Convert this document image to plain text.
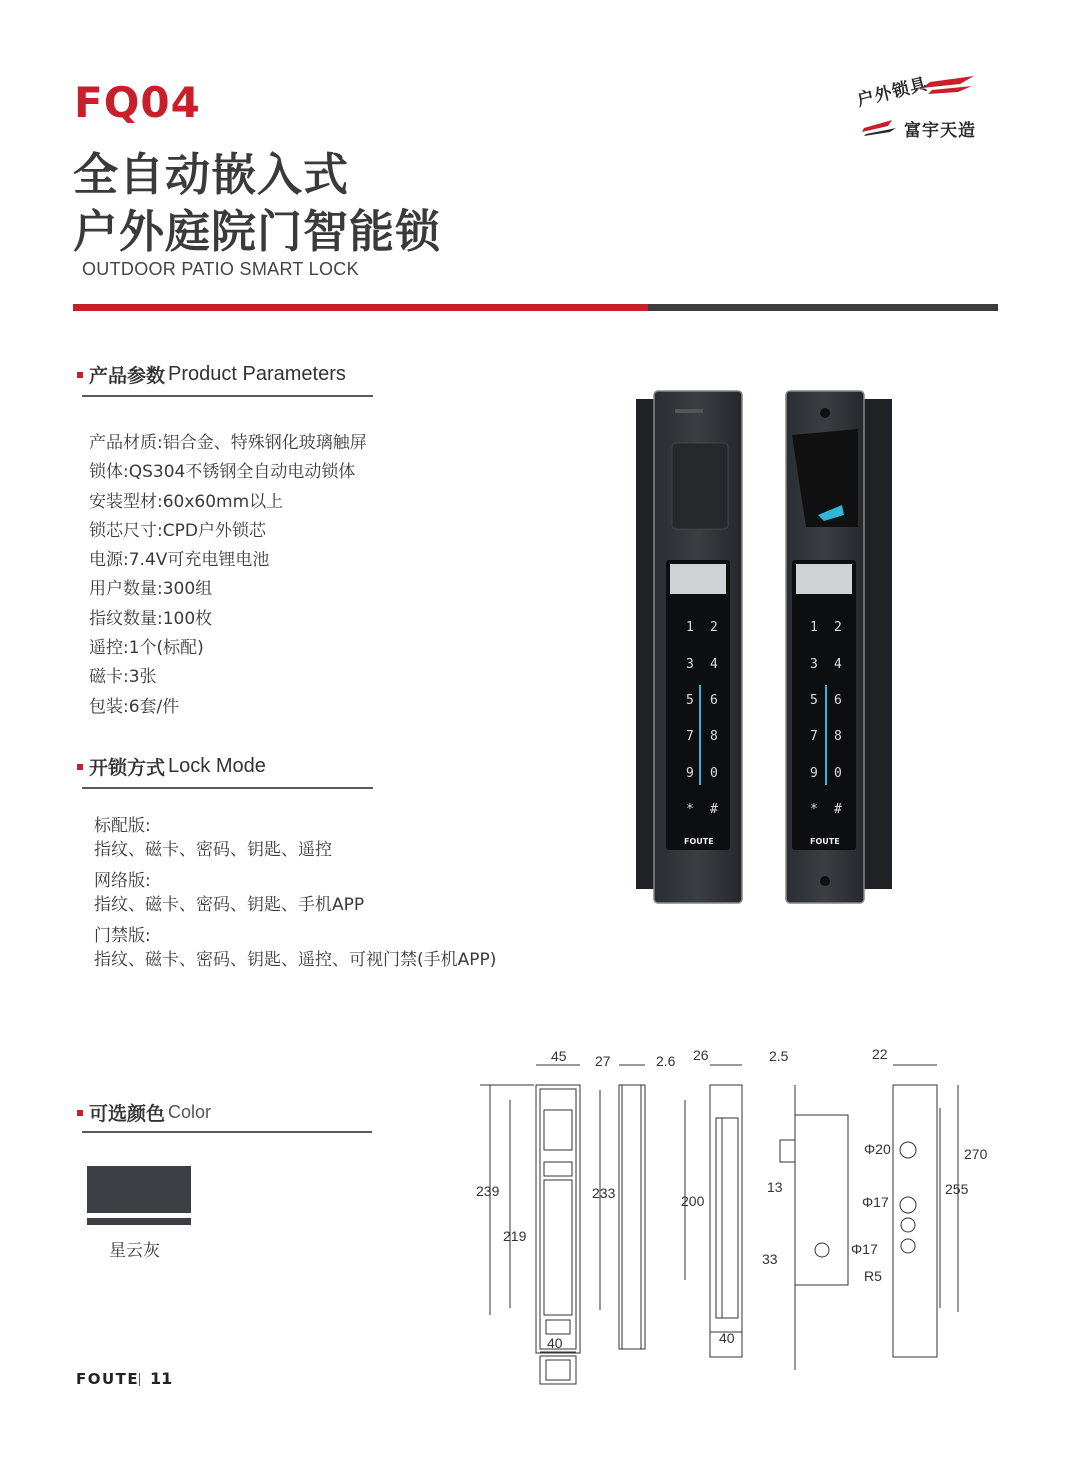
FQ04
全自动嵌入式
户外庭院门智能锁
OUTDOOR PATIO SMART LOCK
户外锁具
富宇天造
产品参数 Product Parameters
产品材质:铝合金、特殊钢化玻璃触屏
锁体:QS304不锈钢全自动电动锁体
安装型材:60x60mm以上
锁芯尺寸:CPD户外锁芯
电源:7.4V可充电锂电池
用户数量:300组
指纹数量:100枚
遥控:1个(标配)
磁卡:3张
包装:6套/件
开锁方式 Lock Mode
标配版:
指纹、磁卡、密码、钥匙、遥控
网络版:
指纹、磁卡、密码、钥匙、手机APP
门禁版:
指纹、磁卡、密码、钥匙、遥控、可视门禁(手机APP)
可选颜色 Color
星云灰
1 2
3 4
5 6
7 8
9 0
* #
FOUTE
1 2
3 4
5 6
7 8
9 0
* #
FOUTE
45 27	2.6 26	2.5	22
239
219
233	200
13
33
Φ20
Φ17
Φ17
R5
270
255
40	40
FOUTE 11
